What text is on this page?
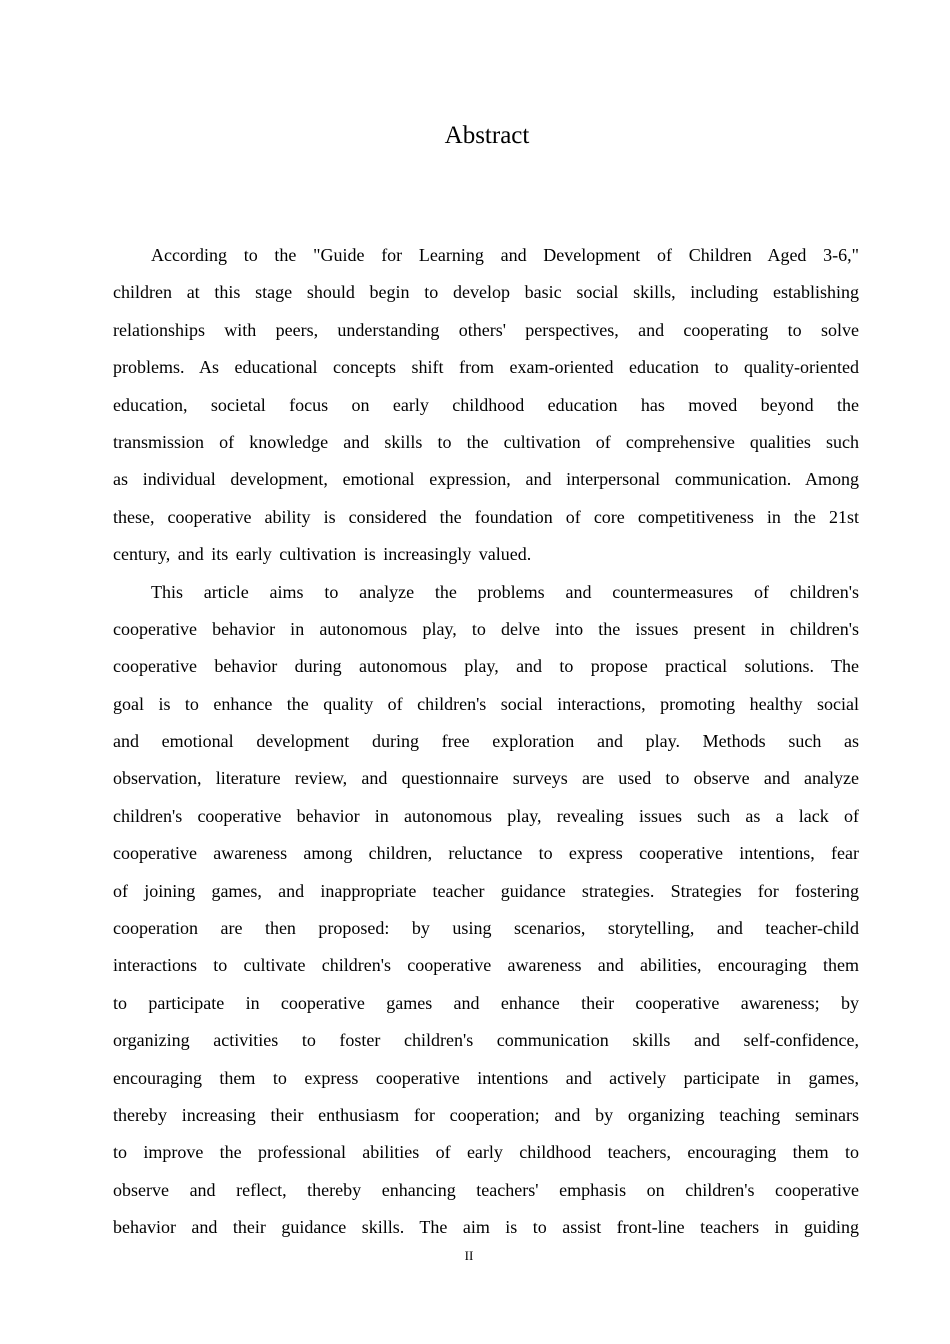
Abstract
According to the "Guide for Learning and Development of Children Aged 3-6,"
children at this stage should begin to develop basic social skills, including establishing
relationships with peers, understanding others' perspectives, and cooperating to solve
problems. As educational concepts shift from exam-oriented education to quality-oriented
education, societal focus on early childhood education has moved beyond the
transmission of knowledge and skills to the cultivation of comprehensive qualities such
as individual development, emotional expression, and interpersonal communication. Among
these, cooperative ability is considered the foundation of core competitiveness in the 21st
century, and its early cultivation is increasingly valued.
This article aims to analyze the problems and countermeasures of children's
cooperative behavior in autonomous play, to delve into the issues present in children's
cooperative behavior during autonomous play, and to propose practical solutions. The
goal is to enhance the quality of children's social interactions, promoting healthy social
and emotional development during free exploration and play. Methods such as
observation, literature review, and questionnaire surveys are used to observe and analyze
children's cooperative behavior in autonomous play, revealing issues such as a lack of
cooperative awareness among children, reluctance to express cooperative intentions, fear
of joining games, and inappropriate teacher guidance strategies. Strategies for fostering
cooperation are then proposed: by using scenarios, storytelling, and teacher-child
interactions to cultivate children's cooperative awareness and abilities, encouraging them
to participate in cooperative games and enhance their cooperative awareness; by
organizing activities to foster children's communication skills and self-confidence,
encouraging them to express cooperative intentions and actively participate in games,
thereby increasing their enthusiasm for cooperation; and by organizing teaching seminars
to improve the professional abilities of early childhood teachers, encouraging them to
observe and reflect, thereby enhancing teachers' emphasis on children's cooperative
behavior and their guidance skills. The aim is to assist front-line teachers in guiding
II
